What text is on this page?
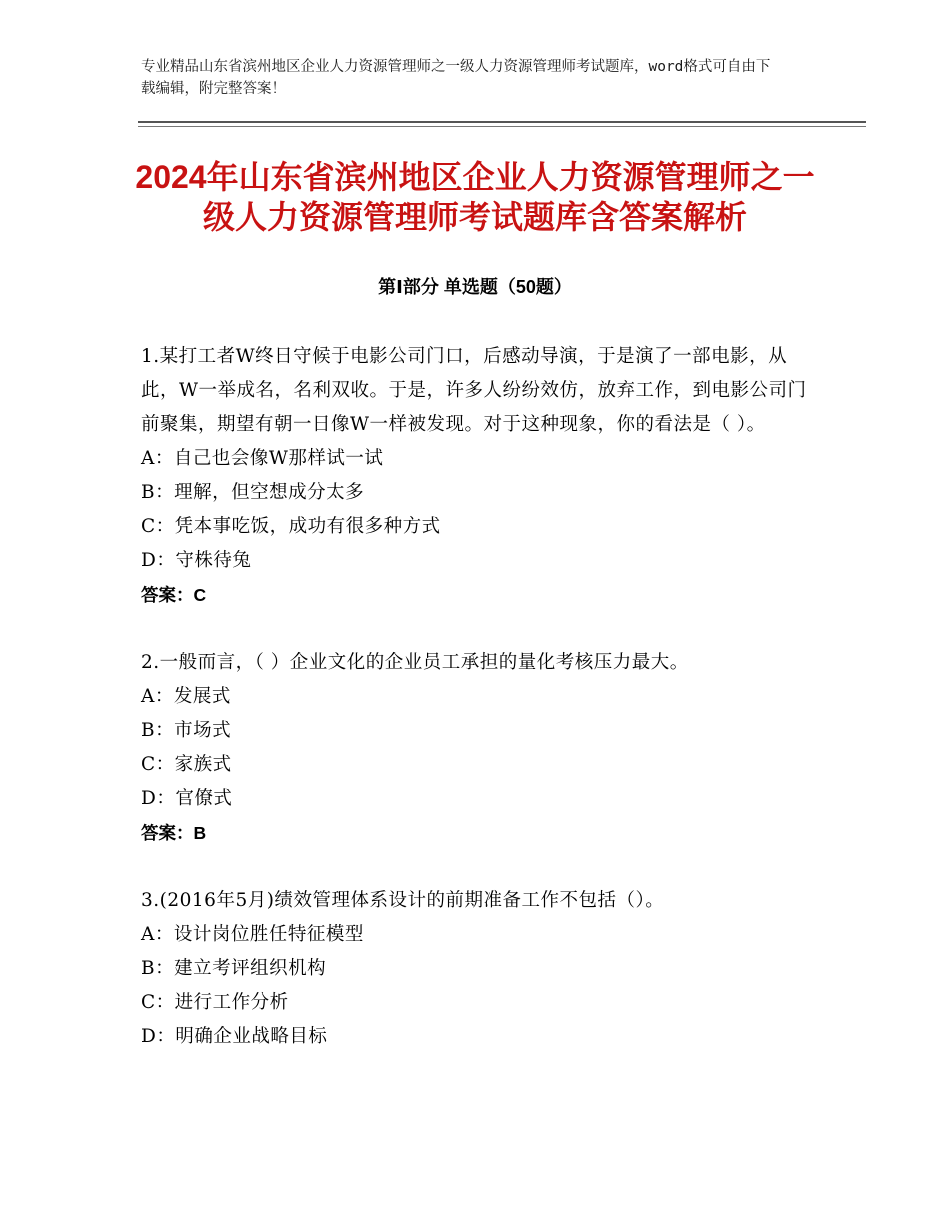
专业精品山东省滨州地区企业人力资源管理师之一级人力资源管理师考试题库，word格式可自由下载编辑，附完整答案！
2024年山东省滨州地区企业人力资源管理师之一级人力资源管理师考试题库含答案解析
第Ⅰ部分 单选题（50题）

1.某打工者W终日守候于电影公司门口，后感动导演，于是演了一部电影，从此，W一举成名，名利双收。于是，许多人纷纷效仿，放弃工作，到电影公司门前聚集，期望有朝一日像W一样被发现。对于这种现象，你的看法是（ ）。

A：自己也会像W那样试一试

B：理解，但空想成分太多

C：凭本事吃饭，成功有很多种方式

D：守株待兔

答案：C

2.一般而言，（ ）企业文化的企业员工承担的量化考核压力最大。

A：发展式

B：市场式

C：家族式

D：官僚式

答案：B

3.(2016年5月)绩效管理体系设计的前期准备工作不包括（）。

A：设计岗位胜任特征模型

B：建立考评组织机构

C：进行工作分析

D：明确企业战略目标
